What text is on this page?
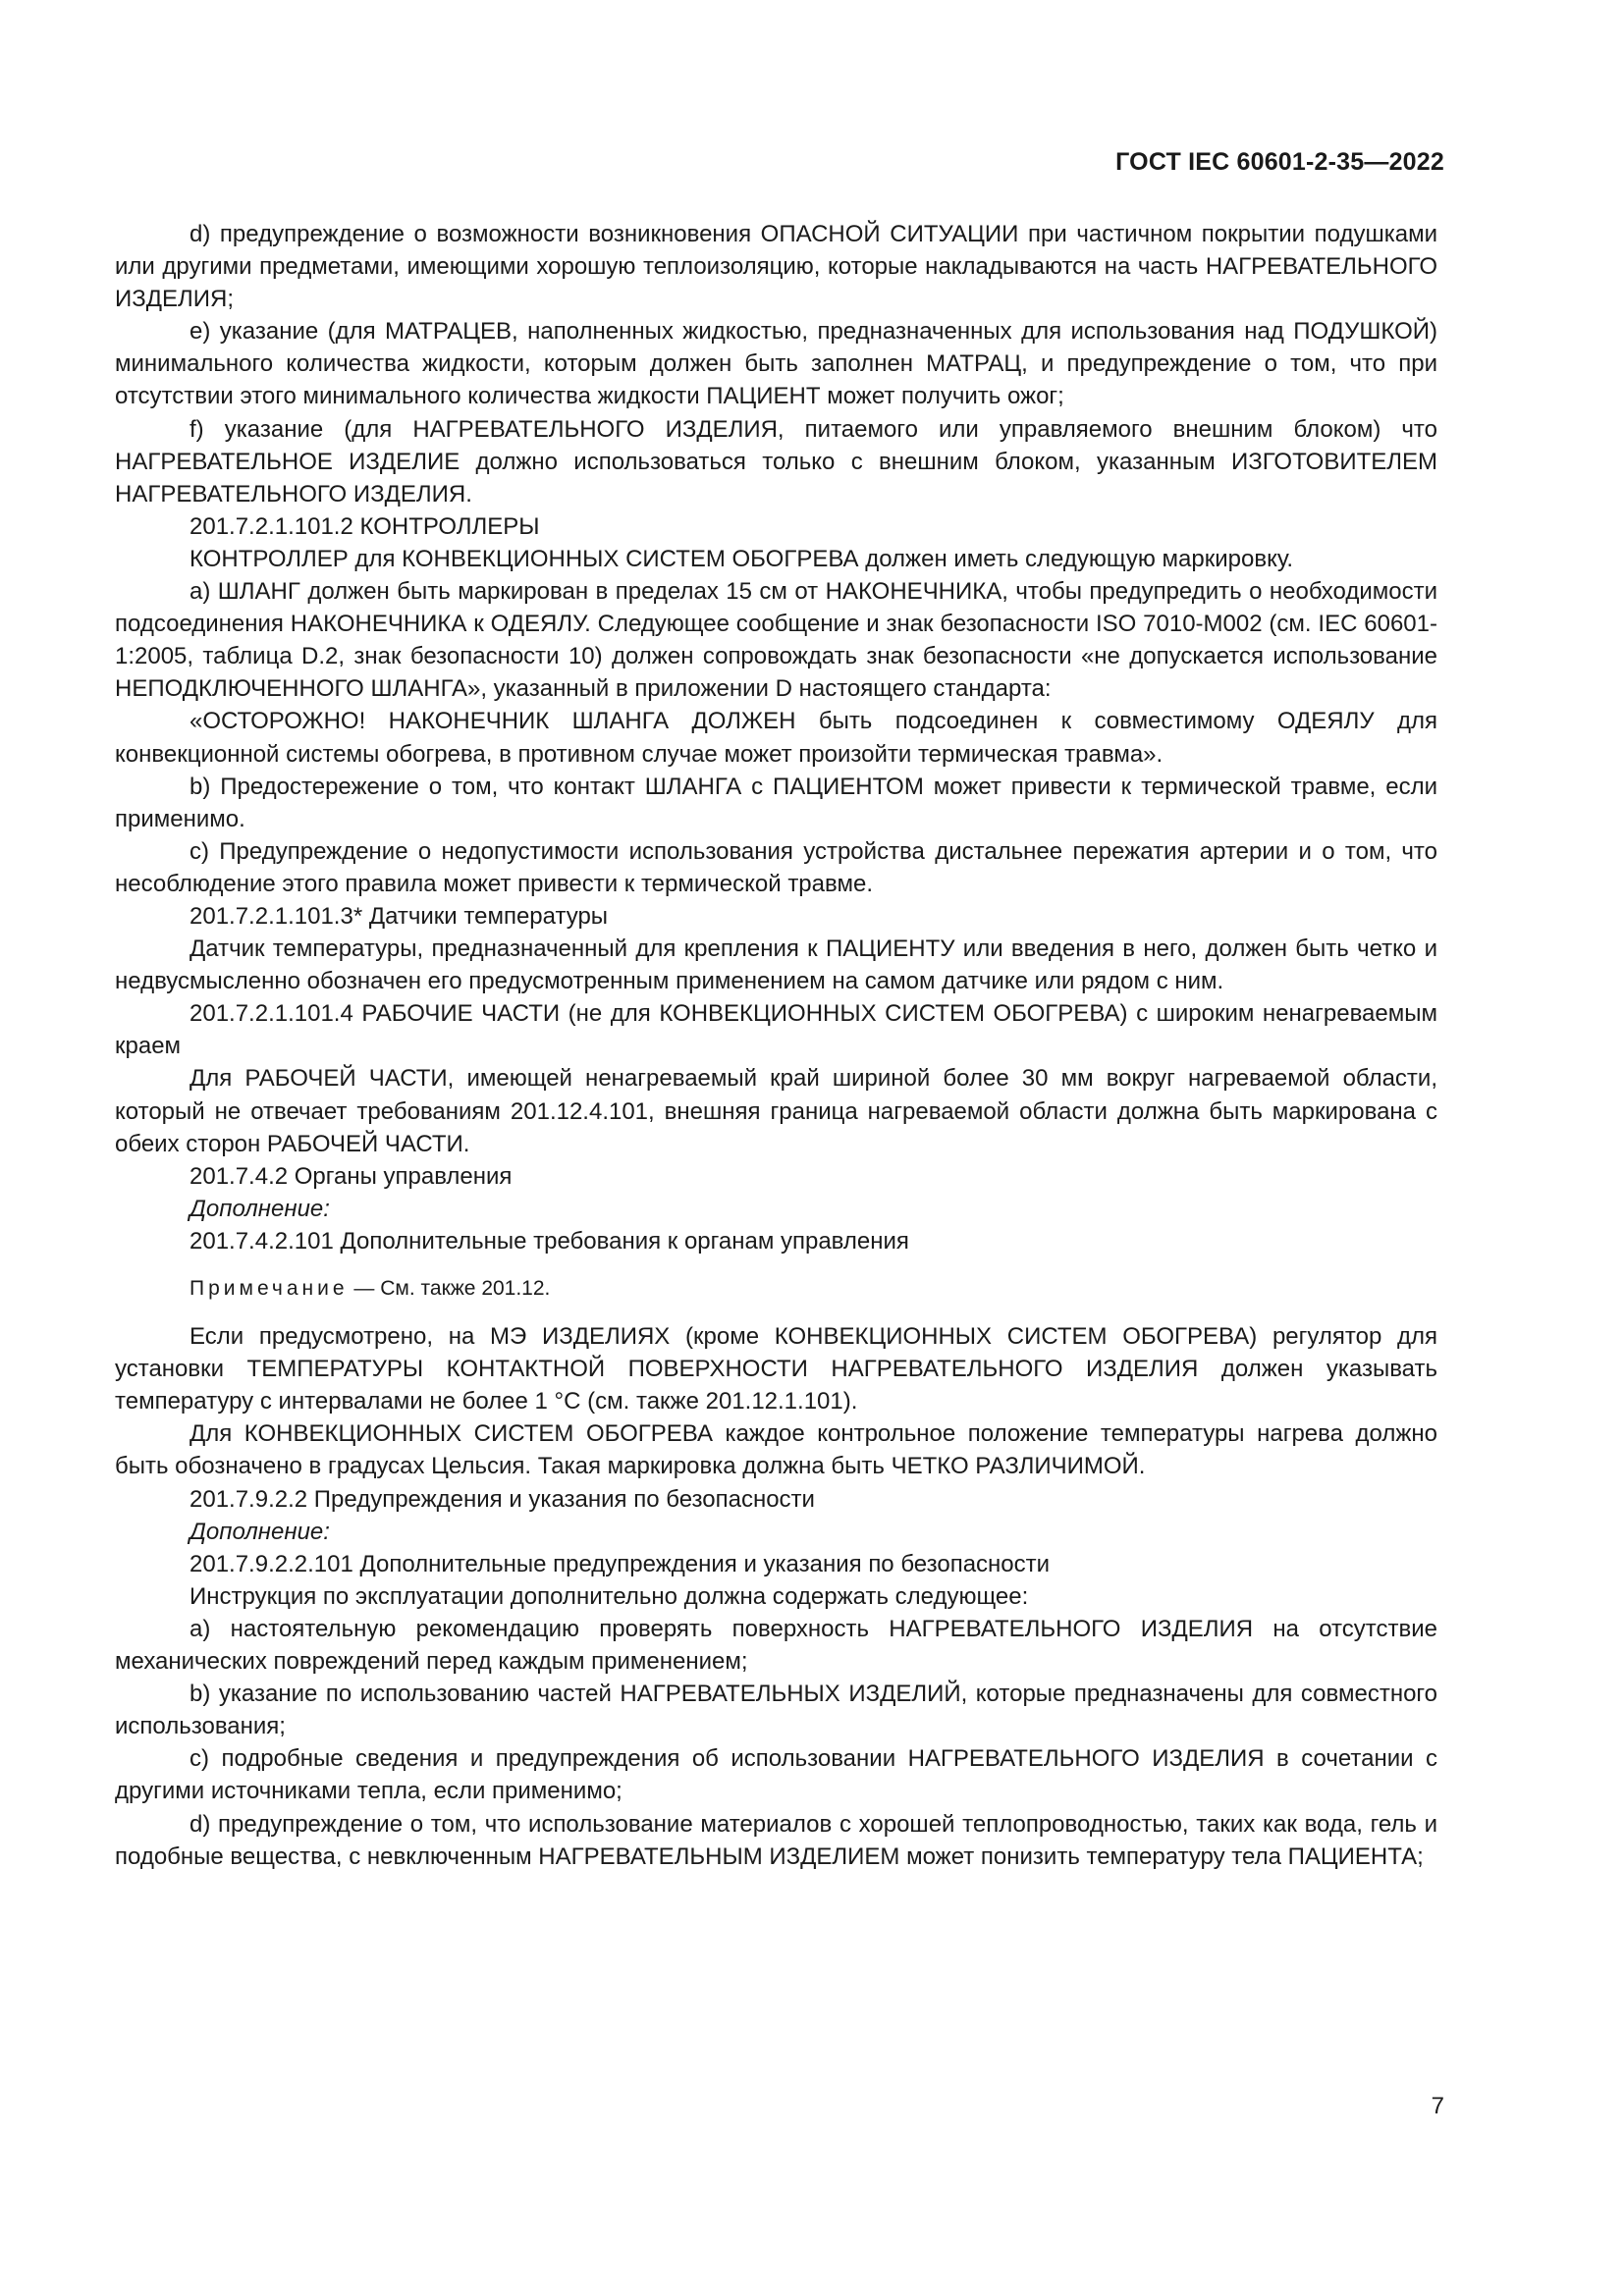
ГОСТ IEC 60601-2-35—2022

d) предупреждение о возможности возникновения ОПАСНОЙ СИТУАЦИИ при частичном покрытии подушками или другими предметами, имеющими хорошую теплоизоляцию, которые накладываются на часть НАГРЕВАТЕЛЬНОГО ИЗДЕЛИЯ;

e) указание (для МАТРАЦЕВ, наполненных жидкостью, предназначенных для использования над ПОДУШКОЙ) минимального количества жидкости, которым должен быть заполнен МАТРАЦ, и предупреждение о том, что при отсутствии этого минимального количества жидкости ПАЦИЕНТ может получить ожог;

f) указание (для НАГРЕВАТЕЛЬНОГО ИЗДЕЛИЯ, питаемого или управляемого внешним блоком) что НАГРЕВАТЕЛЬНОЕ ИЗДЕЛИЕ должно использоваться только с внешним блоком, указанным ИЗГОТОВИТЕЛЕМ НАГРЕВАТЕЛЬНОГО ИЗДЕЛИЯ.

201.7.2.1.101.2 КОНТРОЛЛЕРЫ

КОНТРОЛЛЕР для КОНВЕКЦИОННЫХ СИСТЕМ ОБОГРЕВА должен иметь следующую маркировку.

a) ШЛАНГ должен быть маркирован в пределах 15 см от НАКОНЕЧНИКА, чтобы предупредить о необходимости подсоединения НАКОНЕЧНИКА к ОДЕЯЛУ. Следующее сообщение и знак безопасности ISO 7010-M002 (см. IEC 60601-1:2005, таблица D.2, знак безопасности 10) должен сопровождать знак безопасности «не допускается использование НЕПОДКЛЮЧЕННОГО ШЛАНГА», указанный в приложении D настоящего стандарта:

«ОСТОРОЖНО! НАКОНЕЧНИК ШЛАНГА ДОЛЖЕН быть подсоединен к совместимому ОДЕЯЛУ для конвекционной системы обогрева, в противном случае может произойти термическая травма».

b) Предостережение о том, что контакт ШЛАНГА с ПАЦИЕНТОМ может привести к термической травме, если применимо.

c) Предупреждение о недопустимости использования устройства дистальнее пережатия артерии и о том, что несоблюдение этого правила может привести к термической травме.

201.7.2.1.101.3* Датчики температуры

Датчик температуры, предназначенный для крепления к ПАЦИЕНТУ или введения в него, должен быть четко и недвусмысленно обозначен его предусмотренным применением на самом датчике или рядом с ним.

201.7.2.1.101.4 РАБОЧИЕ ЧАСТИ (не для КОНВЕКЦИОННЫХ СИСТЕМ ОБОГРЕВА) с широким ненагреваемым краем

Для РАБОЧЕЙ ЧАСТИ, имеющей ненагреваемый край шириной более 30 мм вокруг нагреваемой области, который не отвечает требованиям 201.12.4.101, внешняя граница нагреваемой области должна быть маркирована с обеих сторон РАБОЧЕЙ ЧАСТИ.

201.7.4.2 Органы управления

Дополнение:

201.7.4.2.101 Дополнительные требования к органам управления

Примечание — См. также 201.12.

Если предусмотрено, на МЭ ИЗДЕЛИЯХ (кроме КОНВЕКЦИОННЫХ СИСТЕМ ОБОГРЕВА) регулятор для установки ТЕМПЕРАТУРЫ КОНТАКТНОЙ ПОВЕРХНОСТИ НАГРЕВАТЕЛЬНОГО ИЗДЕЛИЯ должен указывать температуру с интервалами не более 1 °C (см. также 201.12.1.101).

Для КОНВЕКЦИОННЫХ СИСТЕМ ОБОГРЕВА каждое контрольное положение температуры нагрева должно быть обозначено в градусах Цельсия. Такая маркировка должна быть ЧЕТКО РАЗЛИЧИМОЙ.

201.7.9.2.2 Предупреждения и указания по безопасности

Дополнение:

201.7.9.2.2.101 Дополнительные предупреждения и указания по безопасности

Инструкция по эксплуатации дополнительно должна содержать следующее:

a) настоятельную рекомендацию проверять поверхность НАГРЕВАТЕЛЬНОГО ИЗДЕЛИЯ на отсутствие механических повреждений перед каждым применением;

b) указание по использованию частей НАГРЕВАТЕЛЬНЫХ ИЗДЕЛИЙ, которые предназначены для совместного использования;

c) подробные сведения и предупреждения об использовании НАГРЕВАТЕЛЬНОГО ИЗДЕЛИЯ в сочетании с другими источниками тепла, если применимо;

d) предупреждение о том, что использование материалов с хорошей теплопроводностью, таких как вода, гель и подобные вещества, с невключенным НАГРЕВАТЕЛЬНЫМ ИЗДЕЛИЕМ может понизить температуру тела ПАЦИЕНТА;

7
